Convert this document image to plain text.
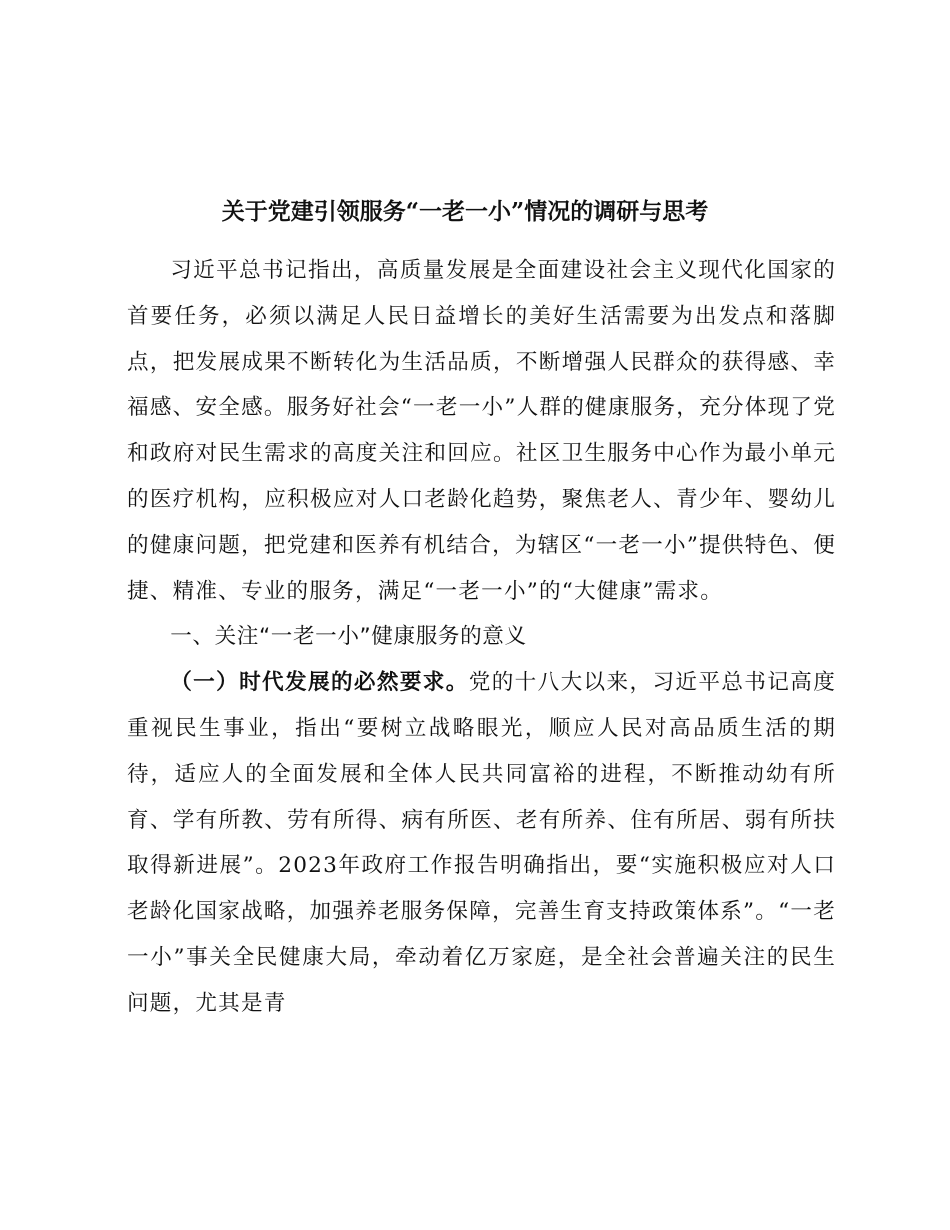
关于党建引领服务“一老一小”情况的调研与思考

习近平总书记指出，高质量发展是全面建设社会主义现代化国家的首要任务，必须以满足人民日益增长的美好生活需要为出发点和落脚点，把发展成果不断转化为生活品质，不断增强人民群众的获得感、幸福感、安全感。服务好社会“一老一小”人群的健康服务，充分体现了党和政府对民生需求的高度关注和回应。社区卫生服务中心作为最小单元的医疗机构，应积极应对人口老龄化趋势，聚焦老人、青少年、婴幼儿的健康问题，把党建和医养有机结合，为辖区“一老一小”提供特色、便捷、精准、专业的服务，满足“一老一小”的“大健康”需求。

一、关注“一老一小”健康服务的意义

（一）时代发展的必然要求。党的十八大以来，习近平总书记高度重视民生事业，指出“要树立战略眼光，顺应人民对高品质生活的期待，适应人的全面发展和全体人民共同富裕的进程，不断推动幼有所育、学有所教、劳有所得、病有所医、老有所养、住有所居、弱有所扶取得新进展”。2023年政府工作报告明确指出，要“实施积极应对人口老龄化国家战略，加强养老服务保障，完善生育支持政策体系”。“一老一小”事关全民健康大局，牵动着亿万家庭，是全社会普遍关注的民生问题，尤其是青
